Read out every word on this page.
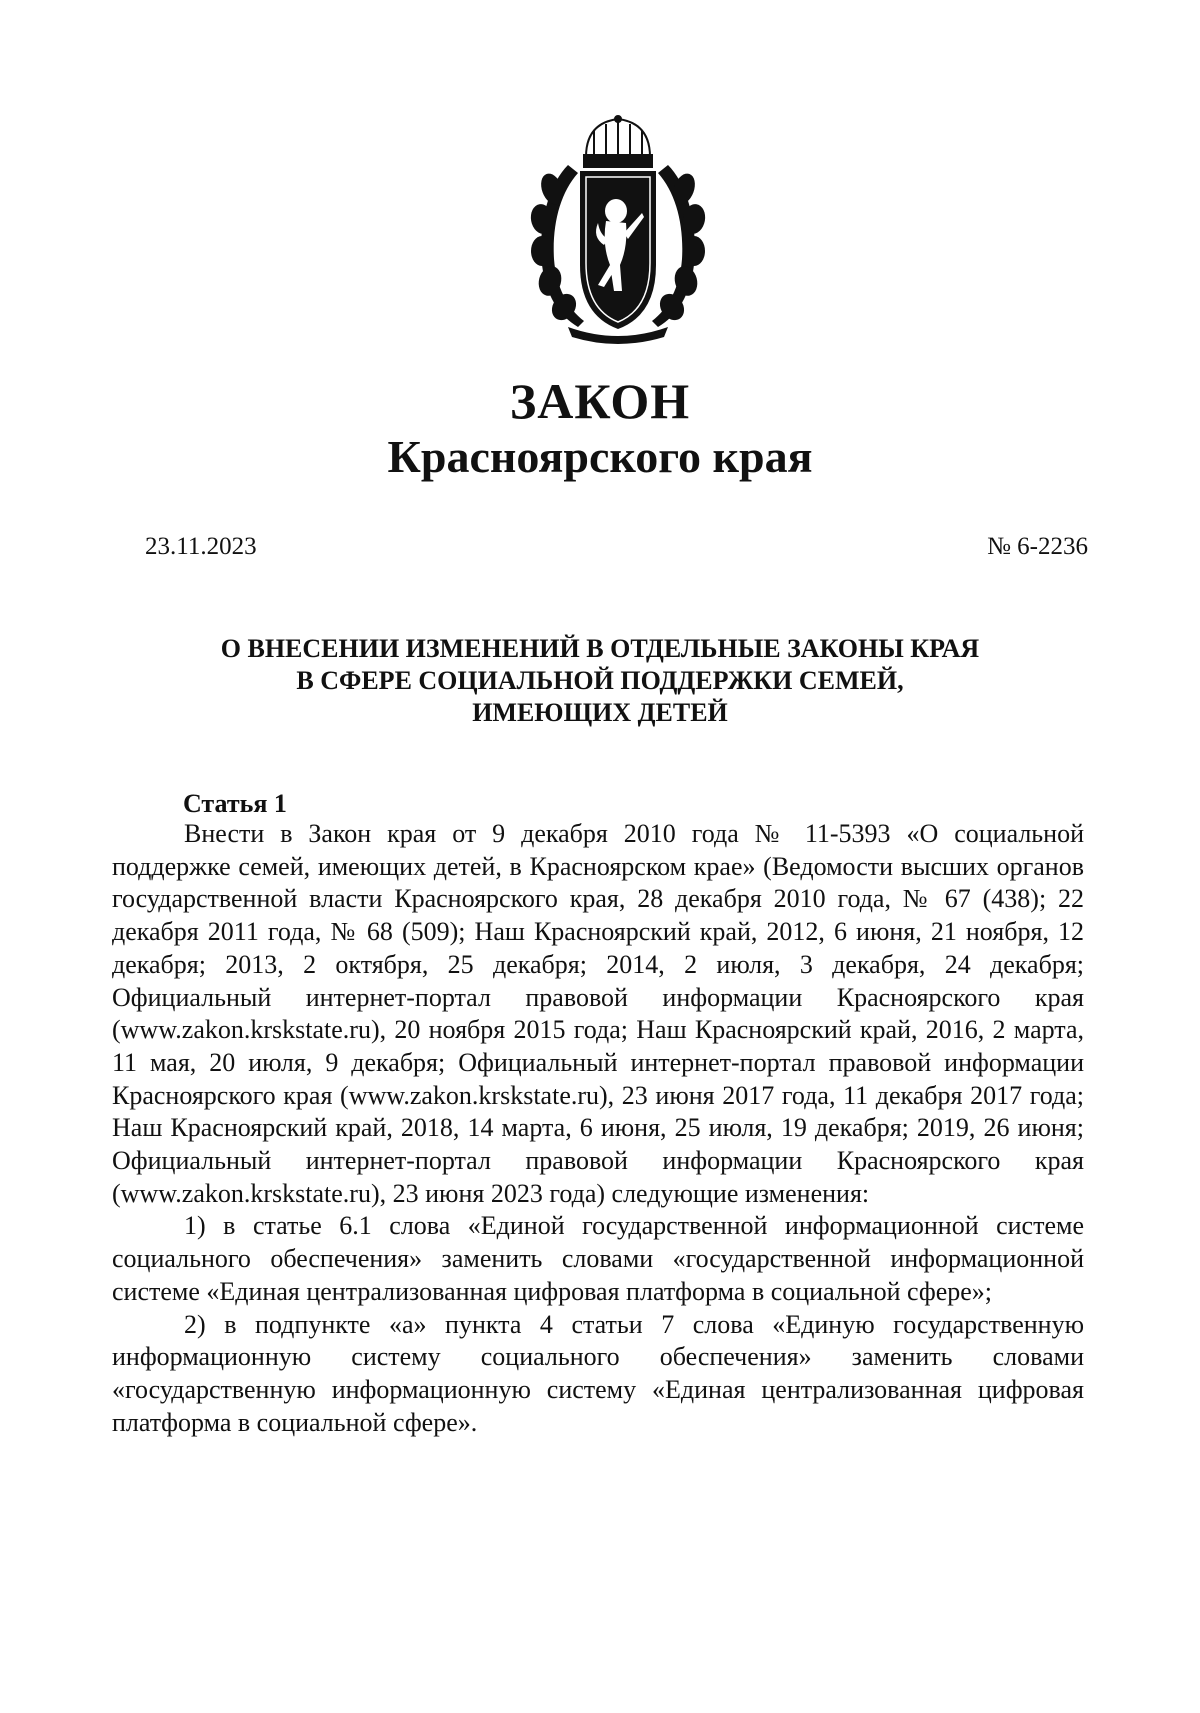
ЗАКОН
Красноярского края
23.11.2023	№ 6-2236
О ВНЕСЕНИИ ИЗМЕНЕНИЙ В ОТДЕЛЬНЫЕ ЗАКОНЫ КРАЯ
В СФЕРЕ СОЦИАЛЬНОЙ ПОДДЕРЖКИ СЕМЕЙ,
ИМЕЮЩИХ ДЕТЕЙ
Статья 1

Внести в Закон края от 9 декабря 2010 года № 11-5393 «О социальной поддержке семей, имеющих детей, в Красноярском крае» (Ведомости высших органов государственной власти Красноярского края, 28 декабря 2010 года, № 67 (438); 22 декабря 2011 года, № 68 (509); Наш Красноярский край, 2012, 6 июня, 21 ноября, 12 декабря; 2013, 2 октября, 25 декабря; 2014, 2 июля, 3 декабря, 24 декабря; Официальный интернет-портал правовой информации Красноярского края (www.zakon.krskstate.ru), 20 ноября 2015 года; Наш Красноярский край, 2016, 2 марта, 11 мая, 20 июля, 9 декабря; Официальный интернет-портал правовой информации Красноярского края (www.zakon.krskstate.ru), 23 июня 2017 года, 11 декабря 2017 года; Наш Красноярский край, 2018, 14 марта, 6 июня, 25 июля, 19 декабря; 2019, 26 июня; Официальный интернет-портал правовой информации Красноярского края (www.zakon.krskstate.ru), 23 июня 2023 года) следующие изменения:

1) в статье 6.1 слова «Единой государственной информационной системе социального обеспечения» заменить словами «государственной информационной системе «Единая централизованная цифровая платформа в социальной сфере»;

2) в подпункте «а» пункта 4 статьи 7 слова «Единую государственную информационную систему социального обеспечения» заменить словами «государственную информационную систему «Единая централизованная цифровая платформа в социальной сфере».
